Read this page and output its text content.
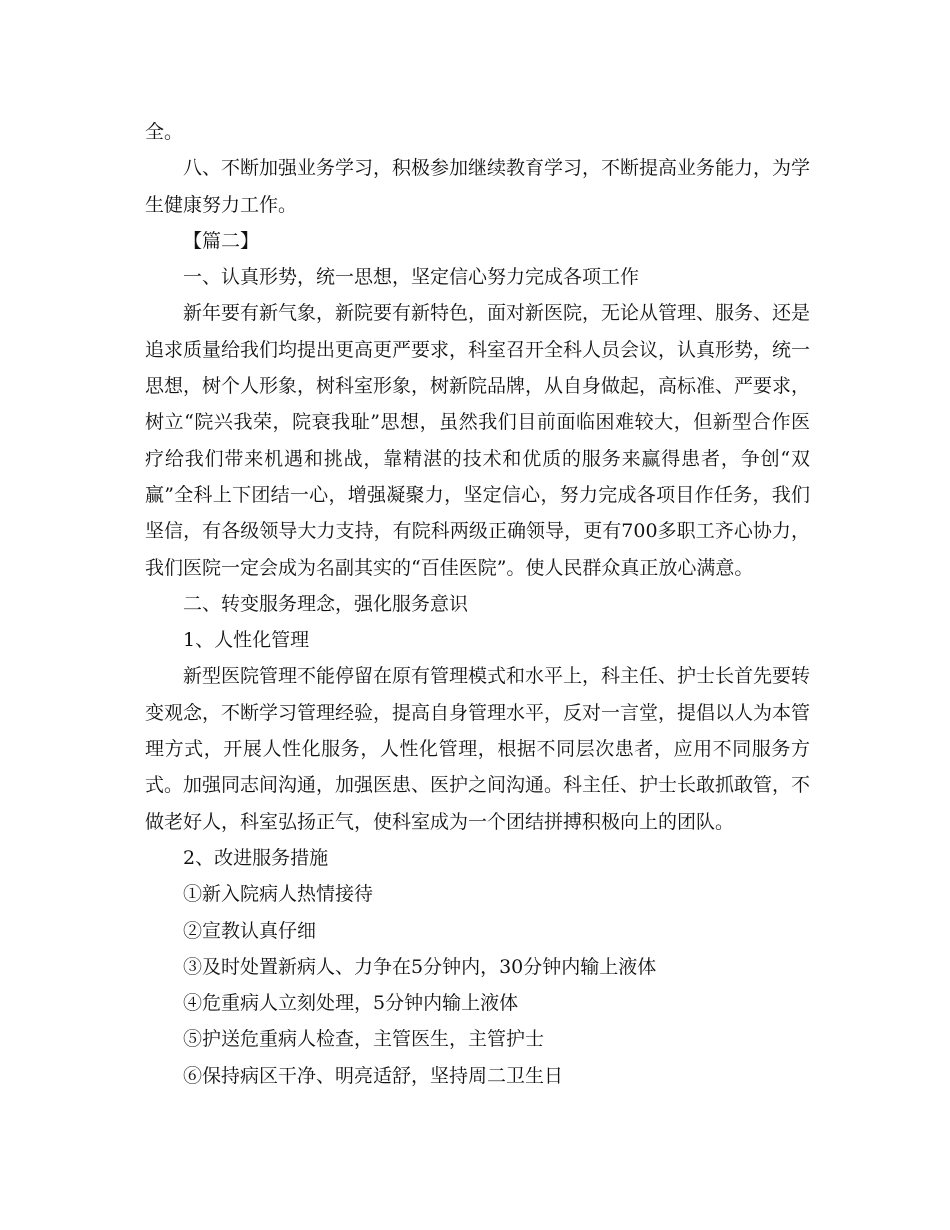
全。

八、不断加强业务学习，积极参加继续教育学习，不断提高业务能力，为学生健康努力工作。

【篇二】

一、认真形势，统一思想，坚定信心努力完成各项工作

新年要有新气象，新院要有新特色，面对新医院，无论从管理、服务、还是追求质量给我们均提出更高更严要求，科室召开全科人员会议，认真形势，统一思想，树个人形象，树科室形象，树新院品牌，从自身做起，高标准、严要求，树立“院兴我荣，院衰我耻”思想，虽然我们目前面临困难较大，但新型合作医疗给我们带来机遇和挑战，靠精湛的技术和优质的服务来赢得患者，争创“双赢”全科上下团结一心，增强凝聚力，坚定信心，努力完成各项目作任务，我们坚信，有各级领导大力支持，有院科两级正确领导，更有700多职工齐心协力，我们医院一定会成为名副其实的“百佳医院”。使人民群众真正放心满意。

二、转变服务理念，强化服务意识

1、人性化管理

新型医院管理不能停留在原有管理模式和水平上，科主任、护士长首先要转变观念，不断学习管理经验，提高自身管理水平，反对一言堂，提倡以人为本管理方式，开展人性化服务，人性化管理，根据不同层次患者，应用不同服务方式。加强同志间沟通，加强医患、医护之间沟通。科主任、护士长敢抓敢管，不做老好人，科室弘扬正气，使科室成为一个团结拼搏积极向上的团队。

2、改进服务措施

①新入院病人热情接待

②宣教认真仔细

③及时处置新病人、力争在5分钟内，30分钟内输上液体

④危重病人立刻处理，5分钟内输上液体

⑤护送危重病人检查，主管医生，主管护士

⑥保持病区干净、明亮适舒，坚持周二卫生日
